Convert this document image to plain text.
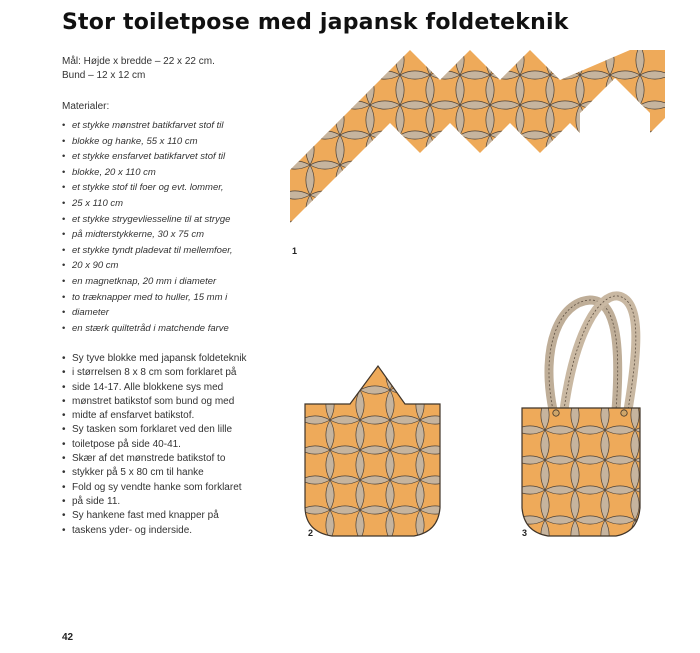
Stor toiletpose med japansk foldeteknik
Mål: Højde x bredde – 22 x 22 cm.
Bund – 12 x 12 cm
Materialer:
• et stykke mønstret batikfarvet stof til
• blokke og hanke, 55 x 110 cm
• et stykke ensfarvet batikfarvet stof til
• blokke, 20 x 110 cm
• et stykke stof til foer og evt. lommer,
• 25 x 110 cm
• et stykke strygevliesseline til at stryge
• på midterstykkerne, 30 x 75 cm
• et stykke tyndt pladevat til mellemfoer,
• 20 x 90 cm
• en magnetknap, 20 mm i diameter
• to træknapper med to huller, 15 mm i
• diameter
• en stærk quiltetråd i matchende farve
• Sy tyve blokke med japansk foldeteknik
• i størrelsen 8 x 8 cm som forklaret på
• side 14-17. Alle blokkene sys med
• mønstret batikstof som bund og med
• midte af ensfarvet batikstof.
• Sy tasken som forklaret ved den lille
• toiletpose på side 40-41.
• Skær af det mønstrede batikstof to
• stykker på 5 x 80 cm til hanke
• Fold og sy vendte hanke som forklaret
• på side 11.
• Sy hankene fast med knapper på
• taskens yder- og inderside.
1
2	3
42
